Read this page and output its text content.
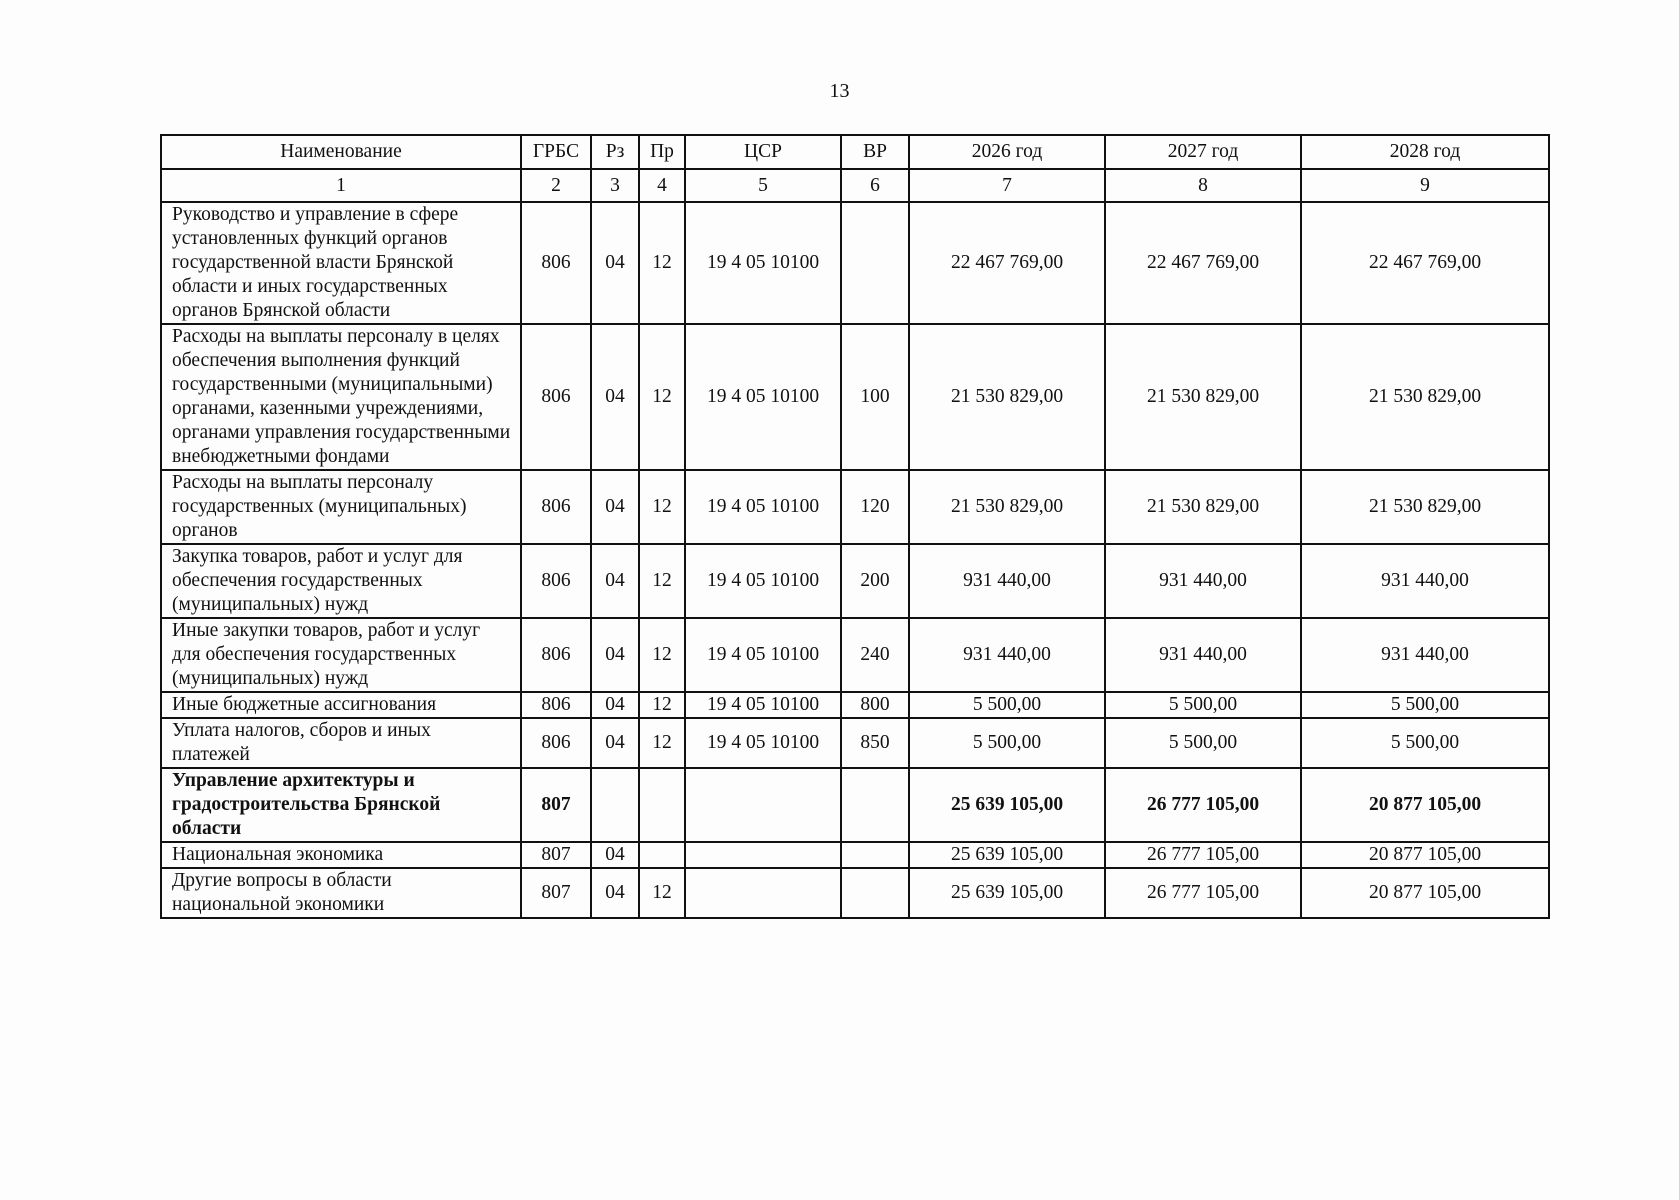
13
Наименование	ГРБС	Рз	Пр	ЦСР	ВР	2026 год	2027 год	2028 год
1	2	3	4	5	6	7	8	9
Руководство и управление в сфере установленных функций органов государственной власти Брянской области и иных государственных органов Брянской области	806	04	12	19 4 05 10100		22 467 769,00	22 467 769,00	22 467 769,00
Расходы на выплаты персоналу в целях обеспечения выполнения функций государственными (муниципальными) органами, казенными учреждениями, органами управления государственными внебюджетными фондами	806	04	12	19 4 05 10100	100	21 530 829,00	21 530 829,00	21 530 829,00
Расходы на выплаты персоналу государственных (муниципальных) органов	806	04	12	19 4 05 10100	120	21 530 829,00	21 530 829,00	21 530 829,00
Закупка товаров, работ и услуг для обеспечения государственных (муниципальных) нужд	806	04	12	19 4 05 10100	200	931 440,00	931 440,00	931 440,00
Иные закупки товаров, работ и услуг для обеспечения государственных (муниципальных) нужд	806	04	12	19 4 05 10100	240	931 440,00	931 440,00	931 440,00
Иные бюджетные ассигнования	806	04	12	19 4 05 10100	800	5 500,00	5 500,00	5 500,00
Уплата налогов, сборов и иных платежей	806	04	12	19 4 05 10100	850	5 500,00	5 500,00	5 500,00
Управление архитектуры и градостроительства Брянской области	807					25 639 105,00	26 777 105,00	20 877 105,00
Национальная экономика	807	04				25 639 105,00	26 777 105,00	20 877 105,00
Другие вопросы в области национальной экономики	807	04	12			25 639 105,00	26 777 105,00	20 877 105,00
